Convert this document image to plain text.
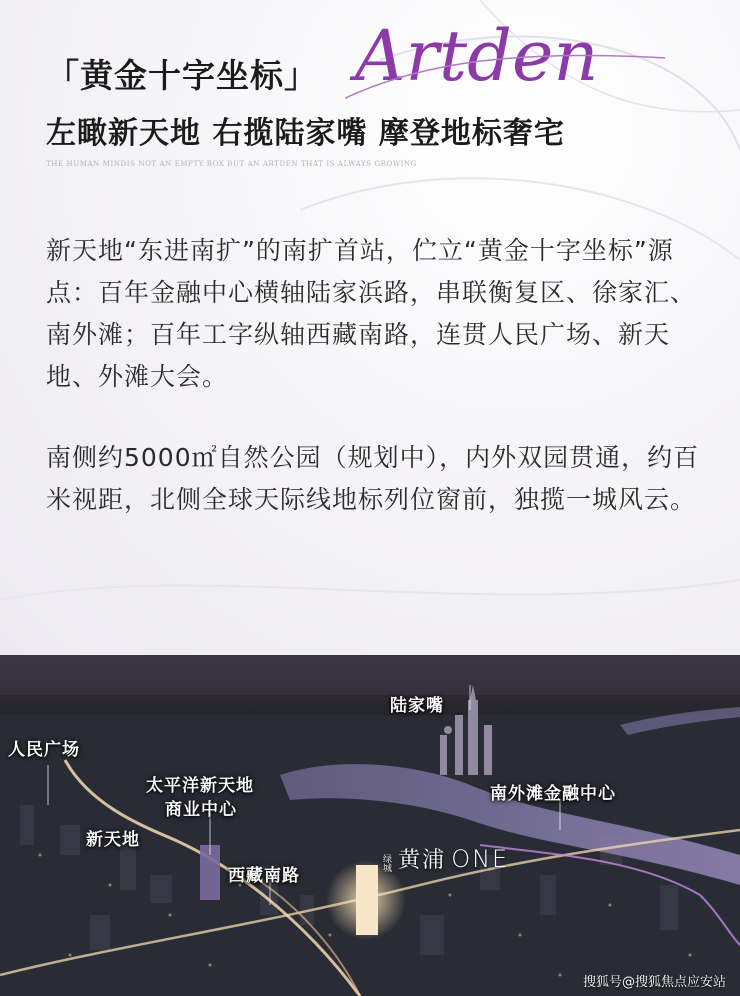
「黄金十字坐标」 Artden
左瞰新天地 右揽陆家嘴 摩登地标奢宅
THE HUMAN MINDIS NOT AN EMPTY BOX BUT AN ARTDEN THAT IS ALWAYS GROWING

新天地“东进南扩”的南扩首站，伫立“黄金十字坐标”源点：百年金融中心横轴陆家浜路，串联衡复区、徐家汇、南外滩；百年工字纵轴西藏南路，连贯人民广场、新天地、外滩大会。

南侧约5000㎡自然公园（规划中），内外双园贯通，约百米视距，北侧全球天际线地标列位窗前，独揽一城风云。

陆家嘴
人民广场
太平洋新天地
商业中心
新天地
南外滩金融中心
西藏南路
绿城 黄浦 ONE
搜狐号@搜狐焦点应安站
